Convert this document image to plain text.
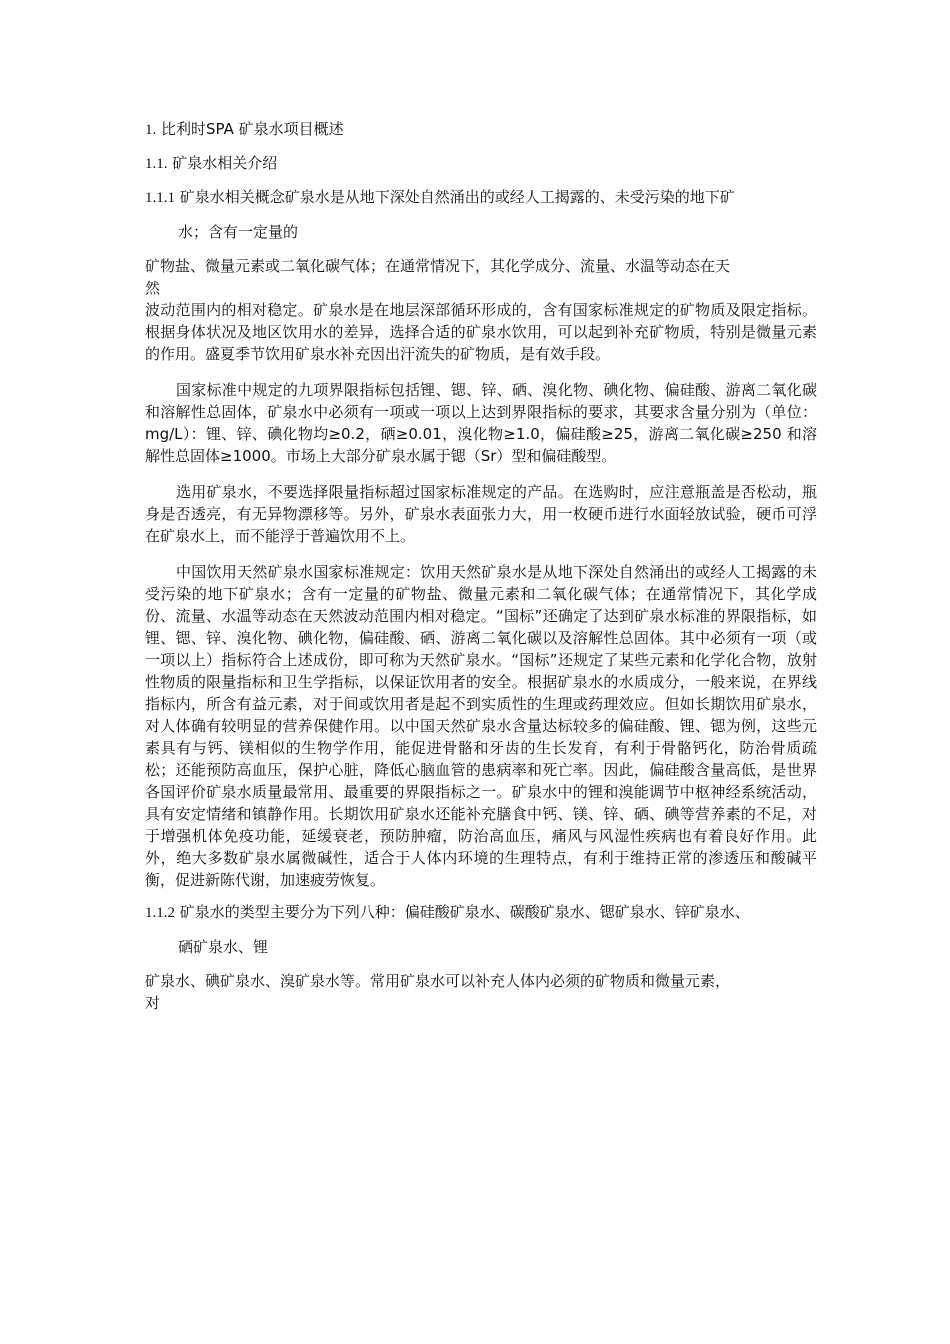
1. 比利时SPA 矿泉水项目概述
1.1. 矿泉水相关介绍
1.1.1 矿泉水相关概念矿泉水是从地下深处自然涌出的或经人工揭露的、未受污染的地下矿
水；含有一定量的
矿物盐、微量元素或二氧化碳气体；在通常情况下，其化学成分、流量、水温等动态在天
然
波动范围内的相对稳定。矿泉水是在地层深部循环形成的，含有国家标准规定的矿物质及限定指标。根据身体状况及地区饮用水的差异，选择合适的矿泉水饮用，可以起到补充矿物质，特别是微量元素的作用。盛夏季节饮用矿泉水补充因出汗流失的矿物质，是有效手段。
国家标准中规定的九项界限指标包括锂、锶、锌、硒、溴化物、碘化物、偏硅酸、游离二氧化碳和溶解性总固体，矿泉水中必须有一项或一项以上达到界限指标的要求，其要求含量分别为（单位：mg/L）：锂、锌、碘化物均≥0.2，硒≥0.01，溴化物≥1.0，偏硅酸≥25，游离二氧化碳≥250 和溶解性总固体≥1000。市场上大部分矿泉水属于锶（Sr）型和偏硅酸型。
选用矿泉水，不要选择限量指标超过国家标准规定的产品。在选购时，应注意瓶盖是否松动，瓶身是否透亮，有无异物漂移等。另外，矿泉水表面张力大，用一枚硬币进行水面轻放试验，硬币可浮在矿泉水上，而不能浮于普遍饮用不上。
中国饮用天然矿泉水国家标准规定：饮用天然矿泉水是从地下深处自然涌出的或经人工揭露的未受污染的地下矿泉水；含有一定量的矿物盐、微量元素和二氧化碳气体；在通常情况下，其化学成份、流量、水温等动态在天然波动范围内相对稳定。“国标”还确定了达到矿泉水标准的界限指标，如锂、锶、锌、溴化物、碘化物，偏硅酸、硒、游离二氧化碳以及溶解性总固体。其中必须有一项（或一项以上）指标符合上述成份，即可称为天然矿泉水。“国标”还规定了某些元素和化学化合物，放射性物质的限量指标和卫生学指标，以保证饮用者的安全。根据矿泉水的水质成分，一般来说，在界线指标内，所含有益元素，对于间或饮用者是起不到实质性的生理或药理效应。但如长期饮用矿泉水，对人体确有较明显的营养保健作用。以中国天然矿泉水含量达标较多的偏硅酸、锂、锶为例，这些元素具有与钙、镁相似的生物学作用，能促进骨骼和牙齿的生长发育，有利于骨骼钙化，防治骨质疏松；还能预防高血压，保护心脏，降低心脑血管的患病率和死亡率。因此，偏硅酸含量高低，是世界各国评价矿泉水质量最常用、最重要的界限指标之一。矿泉水中的锂和溴能调节中枢神经系统活动，具有安定情绪和镇静作用。长期饮用矿泉水还能补充膳食中钙、镁、锌、硒、碘等营养素的不足，对于增强机体免疫功能，延缓衰老，预防肿瘤，防治高血压，痛风与风湿性疾病也有着良好作用。此外，绝大多数矿泉水属微碱性，适合于人体内环境的生理特点，有利于维持正常的渗透压和酸碱平衡，促进新陈代谢，加速疲劳恢复。
1.1.2 矿泉水的类型主要分为下列八种：偏硅酸矿泉水、碳酸矿泉水、锶矿泉水、锌矿泉水、
硒矿泉水、锂
矿泉水、碘矿泉水、溴矿泉水等。常用矿泉水可以补充人体内必须的矿物质和微量元素，
对
